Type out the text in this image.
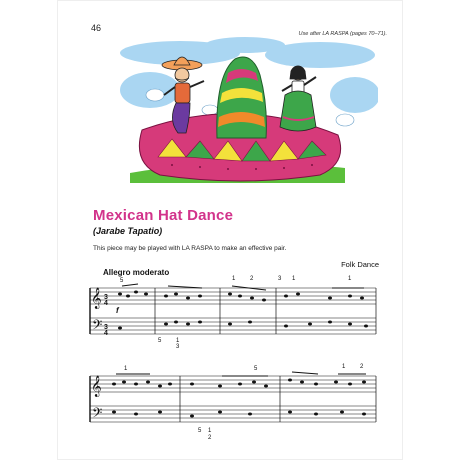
46
Use after LA RASPA (pages 70–71).
Mexican Hat Dance
(Jarabe Tapatio)
This piece may be played with LA RASPA to make an effective pair.
Folk Dance
Allegro moderato
𝄞
𝄢
3
4
3
4
f
5	1 2	3 1	1
5 1
3
𝄞
𝄢
1	5	1 2
5 1
2
